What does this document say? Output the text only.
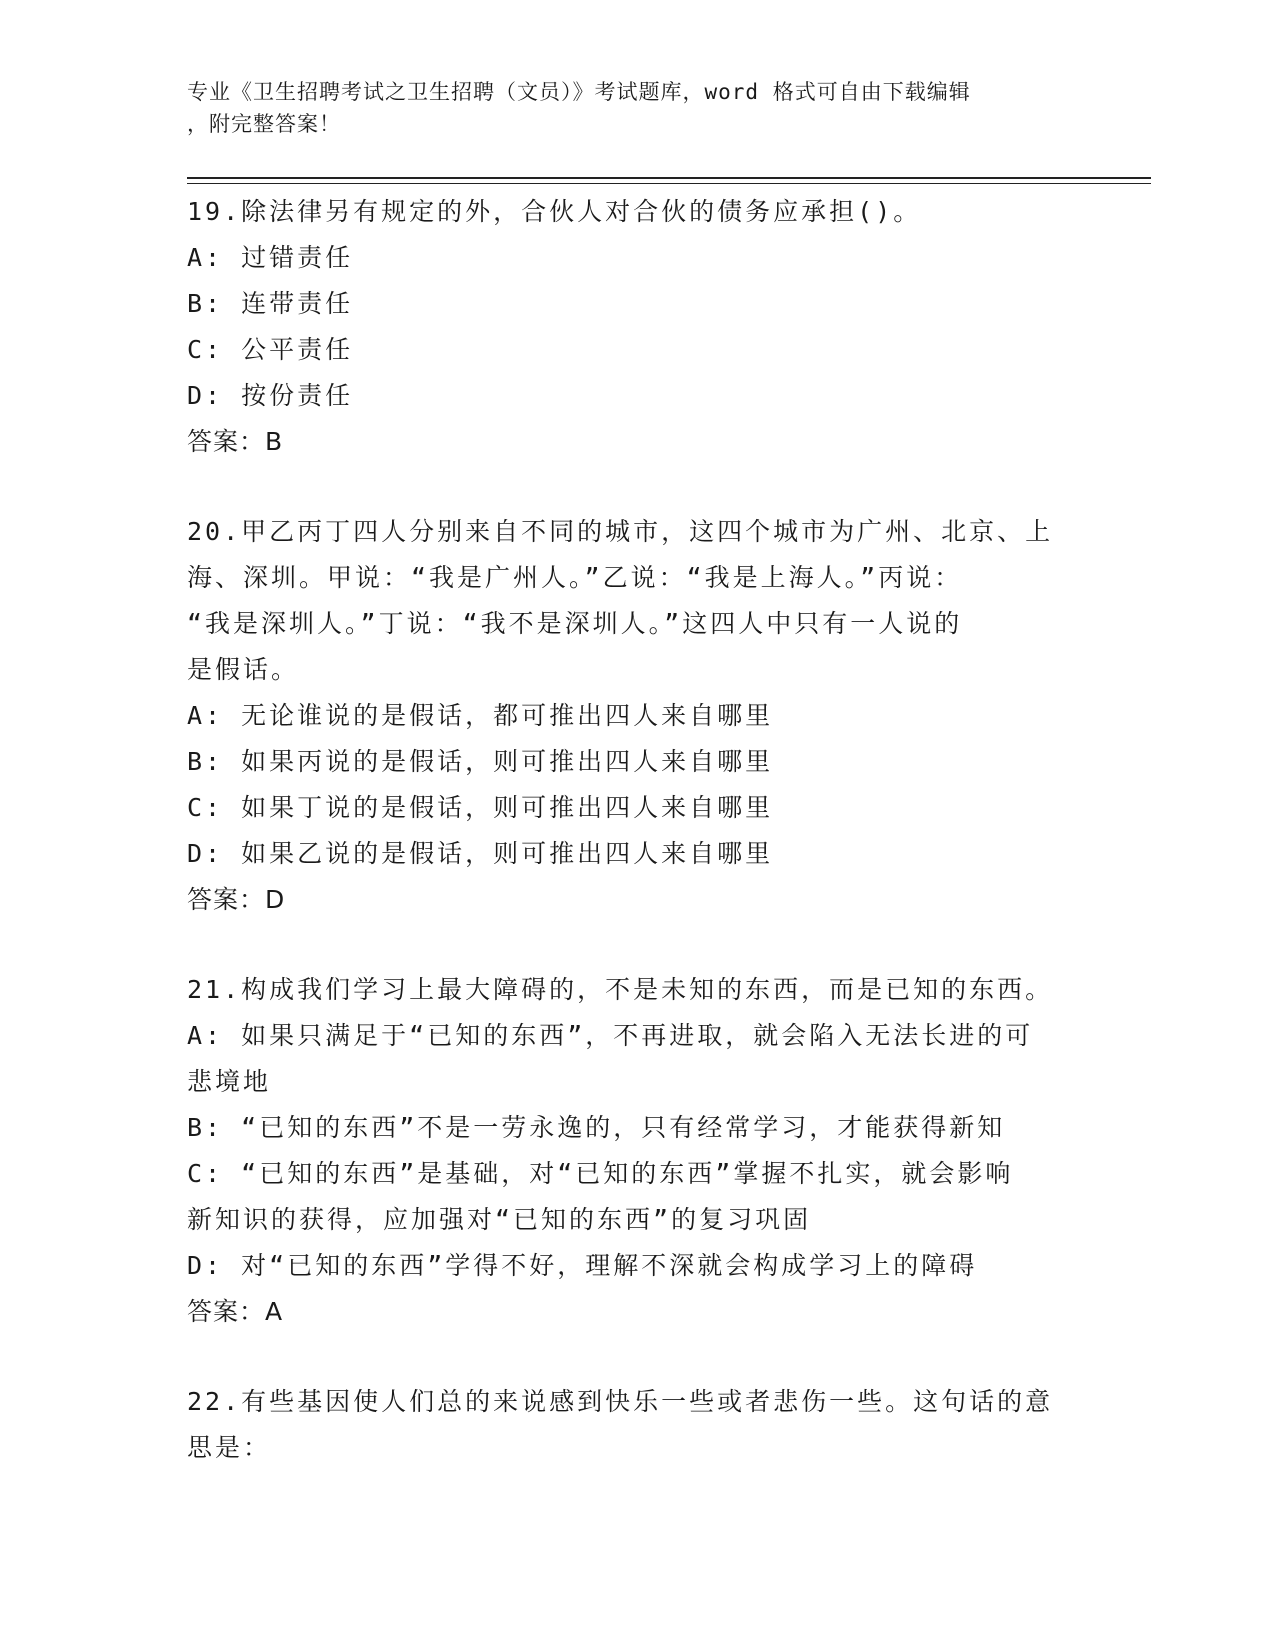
专业《卫生招聘考试之卫生招聘（文员）》考试题库，word 格式可自由下载编辑
，附完整答案！
19.除法律另有规定的外，合伙人对合伙的债务应承担()。
A: 过错责任
B: 连带责任
C: 公平责任
D: 按份责任
答案：B
20.甲乙丙丁四人分别来自不同的城市，这四个城市为广州、北京、上
海、深圳。甲说：“我是广州人。”乙说：“我是上海人。”丙说：
“我是深圳人。”丁说：“我不是深圳人。”这四人中只有一人说的
是假话。
A: 无论谁说的是假话，都可推出四人来自哪里
B: 如果丙说的是假话，则可推出四人来自哪里
C: 如果丁说的是假话，则可推出四人来自哪里
D: 如果乙说的是假话，则可推出四人来自哪里
答案：D
21.构成我们学习上最大障碍的，不是未知的东西，而是已知的东西。
A: 如果只满足于“已知的东西”，不再进取，就会陷入无法长进的可
悲境地
B: “已知的东西”不是一劳永逸的，只有经常学习，才能获得新知
C: “已知的东西”是基础，对“已知的东西”掌握不扎实，就会影响
新知识的获得，应加强对“已知的东西”的复习巩固
D: 对“已知的东西”学得不好，理解不深就会构成学习上的障碍
答案：A
22.有些基因使人们总的来说感到快乐一些或者悲伤一些。这句话的意
思是：
